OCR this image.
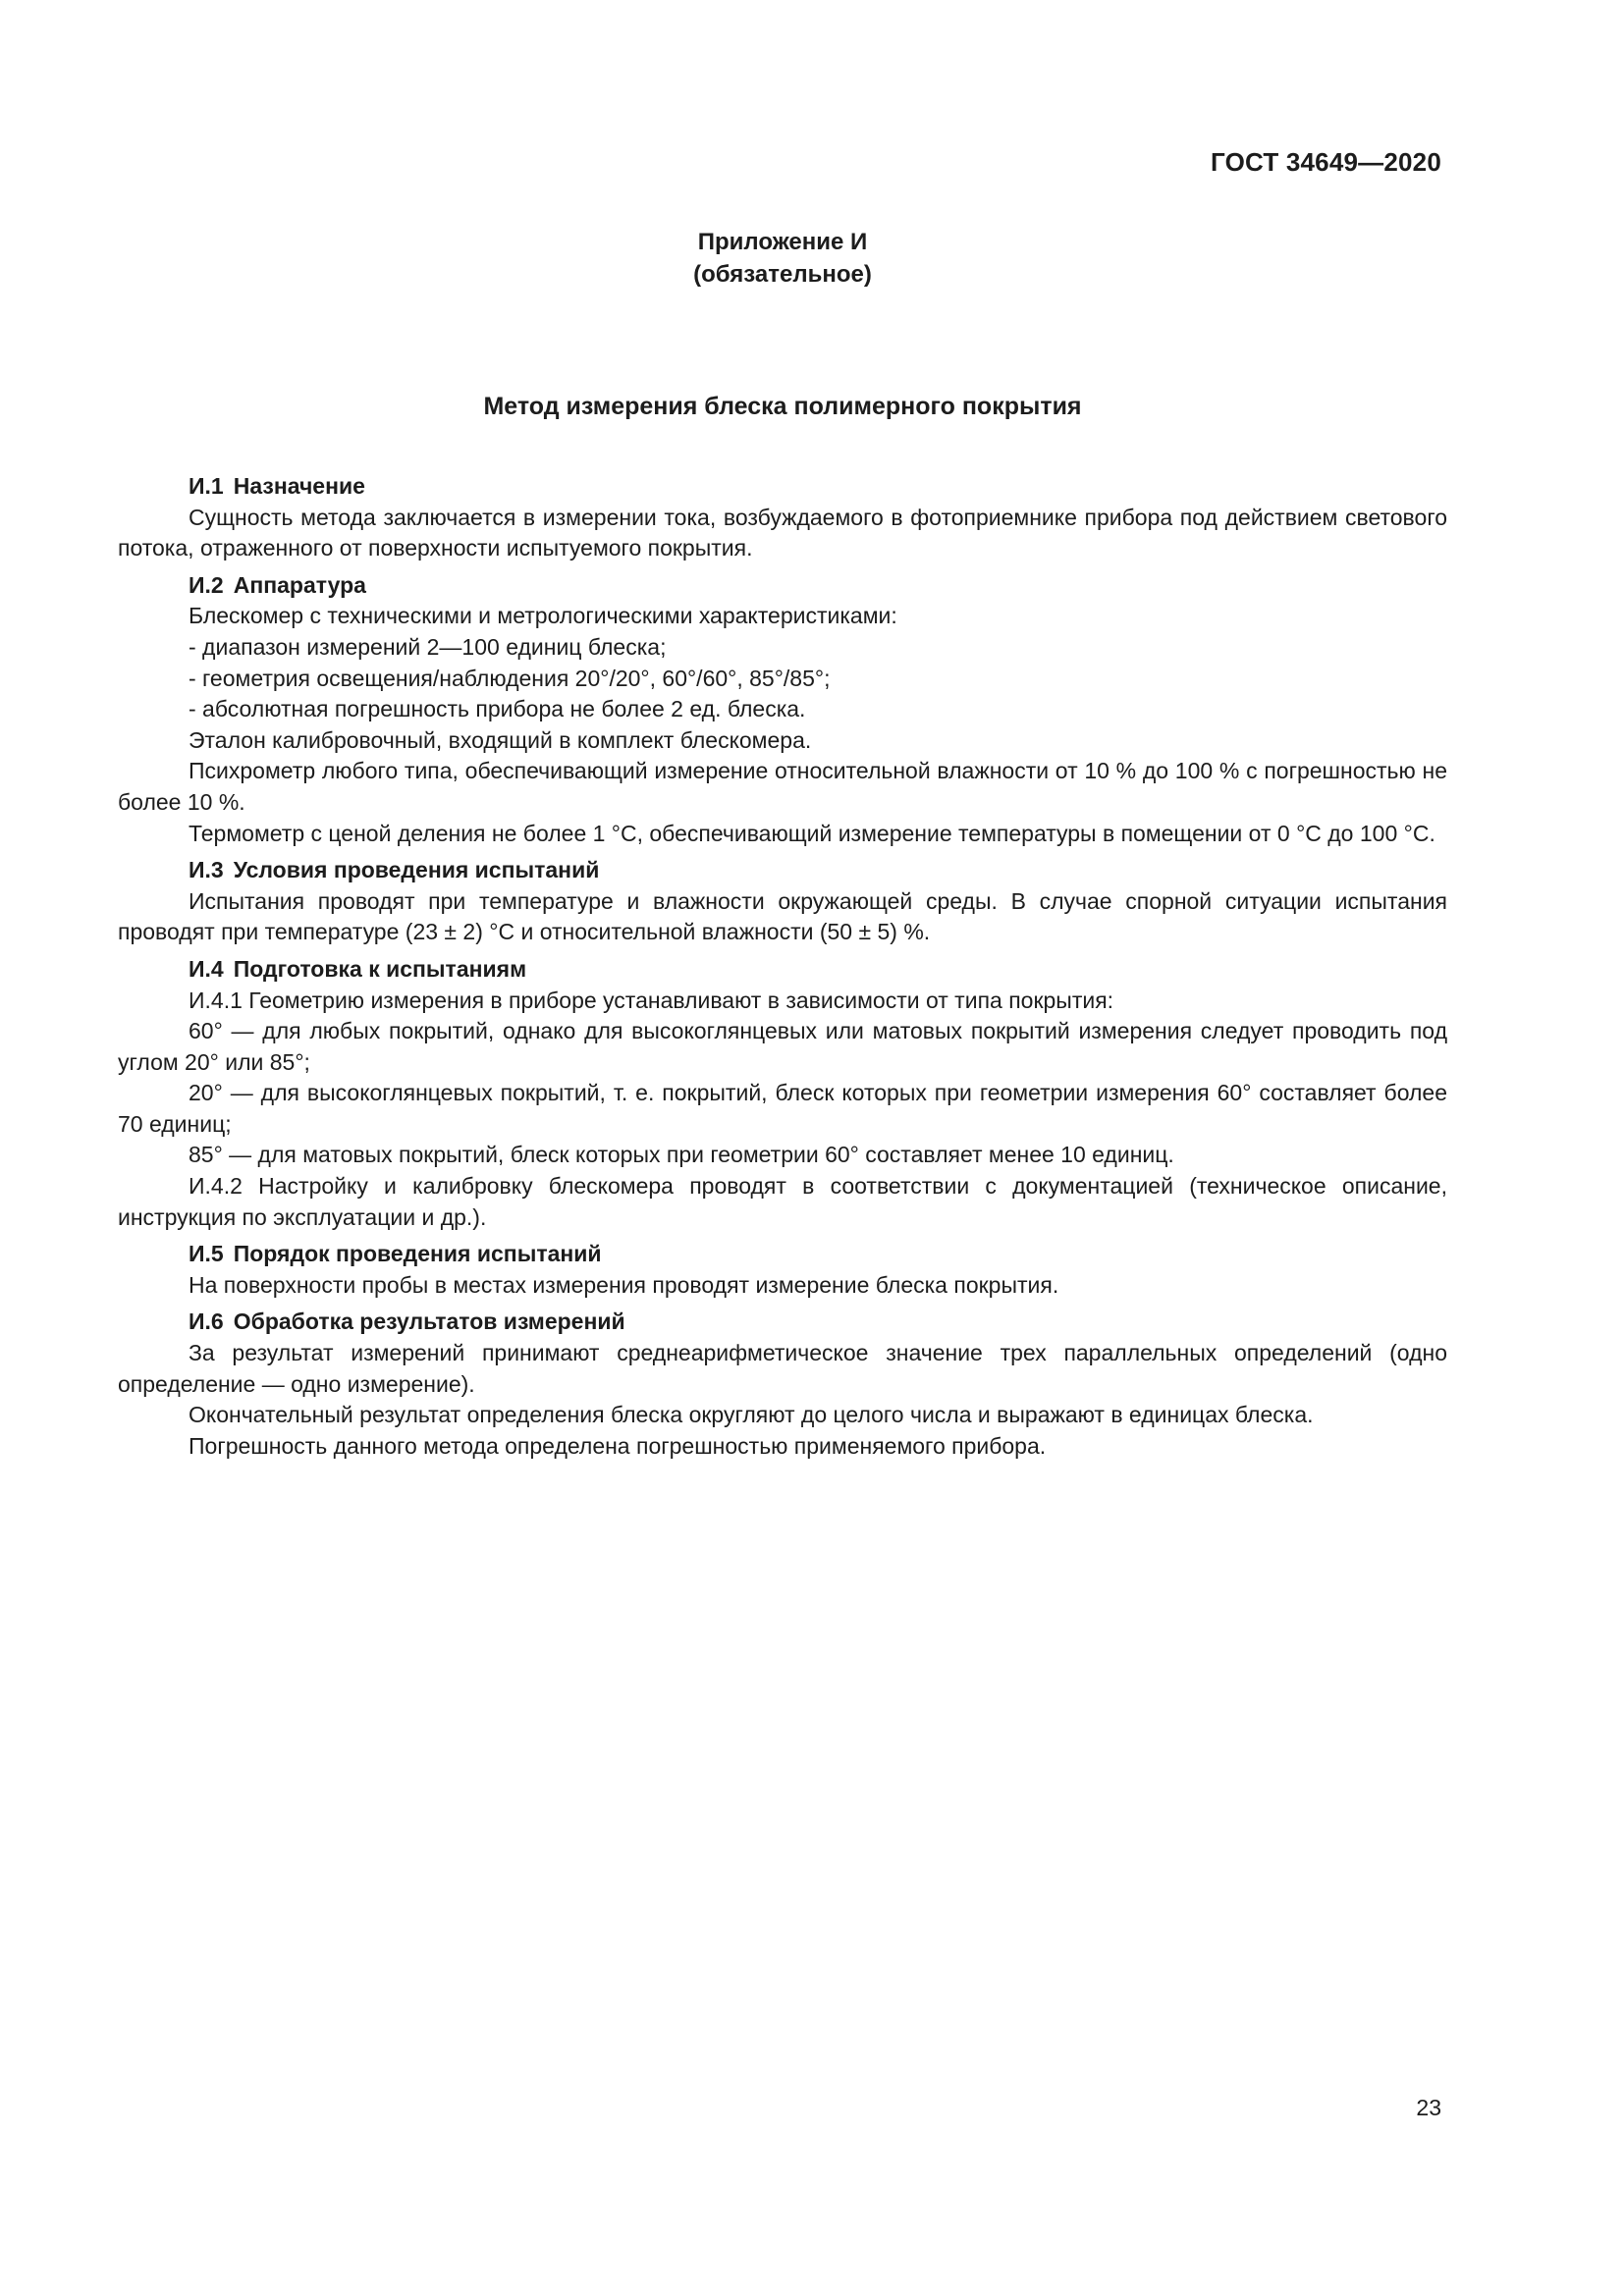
ГОСТ 34649—2020
Приложение И
(обязательное)
Метод измерения блеска полимерного покрытия

И.1 Назначение

Сущность метода заключается в измерении тока, возбуждаемого в фотоприемнике прибора под действием светового потока, отраженного от поверхности испытуемого покрытия.

И.2 Аппаратура

Блескомер с техническими и метрологическими характеристиками:

- диапазон измерений 2—100 единиц блеска;

- геометрия освещения/наблюдения 20°/20°, 60°/60°, 85°/85°;

- абсолютная погрешность прибора не более 2 ед. блеска.

Эталон калибровочный, входящий в комплект блескомера.

Психрометр любого типа, обеспечивающий измерение относительной влажности от 10 % до 100 % с погрешностью не более 10 %.

Термометр с ценой деления не более 1 °С, обеспечивающий измерение температуры в помещении от 0 °С до 100 °С.

И.3 Условия проведения испытаний

Испытания проводят при температуре и влажности окружающей среды. В случае спорной ситуации испытания проводят при температуре (23 ± 2) °С и относительной влажности (50 ± 5) %.

И.4 Подготовка к испытаниям

И.4.1 Геометрию измерения в приборе устанавливают в зависимости от типа покрытия:

60° — для любых покрытий, однако для высокоглянцевых или матовых покрытий измерения следует проводить под углом 20° или 85°;

20° — для высокоглянцевых покрытий, т. е. покрытий, блеск которых при геометрии измерения 60° составляет более 70 единиц;

85° — для матовых покрытий, блеск которых при геометрии 60° составляет менее 10 единиц.

И.4.2 Настройку и калибровку блескомера проводят в соответствии с документацией (техническое описание, инструкция по эксплуатации и др.).

И.5 Порядок проведения испытаний

На поверхности пробы в местах измерения проводят измерение блеска покрытия.

И.6 Обработка результатов измерений

За результат измерений принимают среднеарифметическое значение трех параллельных определений (одно определение — одно измерение).

Окончательный результат определения блеска округляют до целого числа и выражают в единицах блеска.

Погрешность данного метода определена погрешностью применяемого прибора.

23
